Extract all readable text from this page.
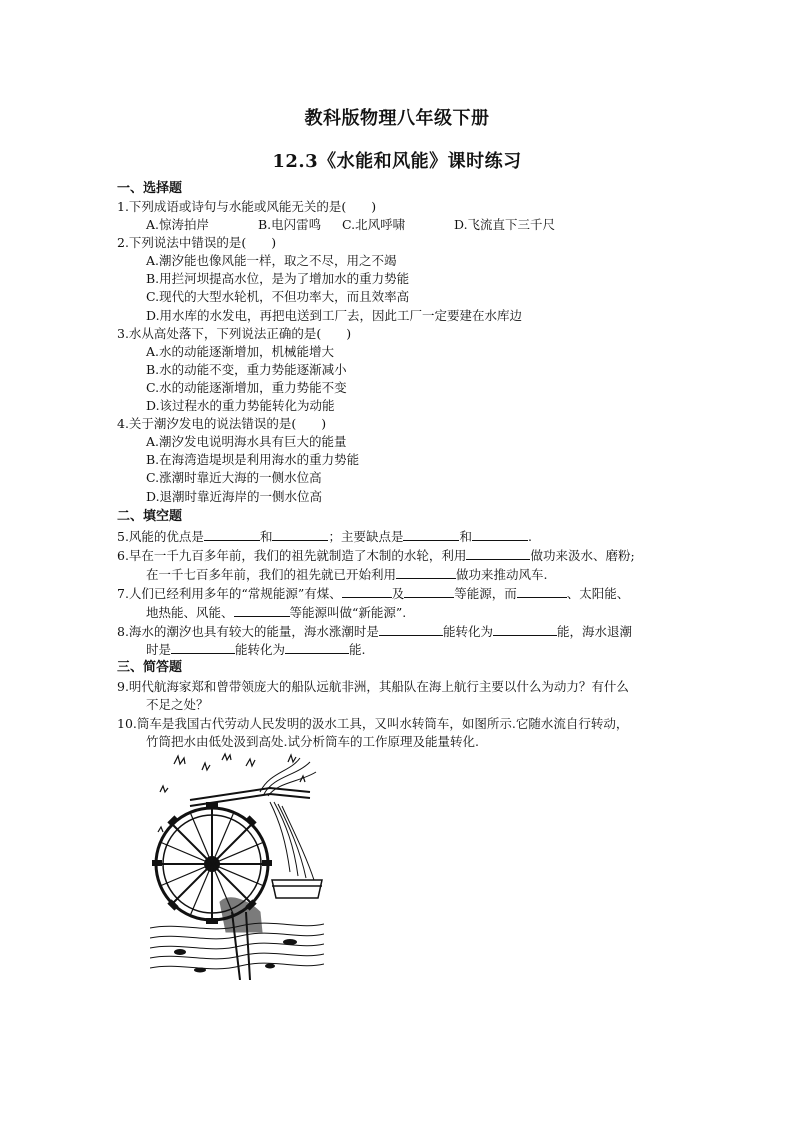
教科版物理八年级下册
12.3《水能和风能》课时练习
一、选择题
1.下列成语或诗句与水能或风能无关的是(　　)
A.惊涛拍岸	B.电闪雷鸣 C.北风呼啸	D.飞流直下三千尺
2.下列说法中错误的是(　　)
A.潮汐能也像风能一样，取之不尽，用之不竭
B.用拦河坝提高水位，是为了增加水的重力势能
C.现代的大型水轮机，不但功率大，而且效率高
D.用水库的水发电，再把电送到工厂去，因此工厂一定要建在水库边
3.水从高处落下，下列说法正确的是(　　)
A.水的动能逐渐增加，机械能增大
B.水的动能不变，重力势能逐渐减小
C.水的动能逐渐增加，重力势能不变
D.该过程水的重力势能转化为动能
4.关于潮汐发电的说法错误的是(　　)
A.潮汐发电说明海水具有巨大的能量
B.在海湾造堤坝是利用海水的重力势能
C.涨潮时靠近大海的一侧水位高
D.退潮时靠近海岸的一侧水位高
二、填空题
5.风能的优点是	和	；主要缺点是	和	.
6.早在一千九百多年前，我们的祖先就制造了木制的水轮，利用	做功来汲水、磨粉;
在一千七百多年前，我们的祖先就已开始利用	做功来推动风车.
7.人们已经利用多年的“常规能源”有煤、	及	等能源，而	、太阳能、
地热能、风能、	等能源叫做“新能源”.
8.海水的潮汐也具有较大的能量，海水涨潮时是	能转化为	能，海水退潮
时是	能转化为	能.
三、简答题
9.明代航海家郑和曾带领庞大的船队远航非洲，其船队在海上航行主要以什么为动力？有什么
不足之处？
10.筒车是我国古代劳动人民发明的汲水工具，又叫水转筒车，如图所示.它随水流自行转动，
竹筒把水由低处汲到高处.试分析筒车的工作原理及能量转化.
